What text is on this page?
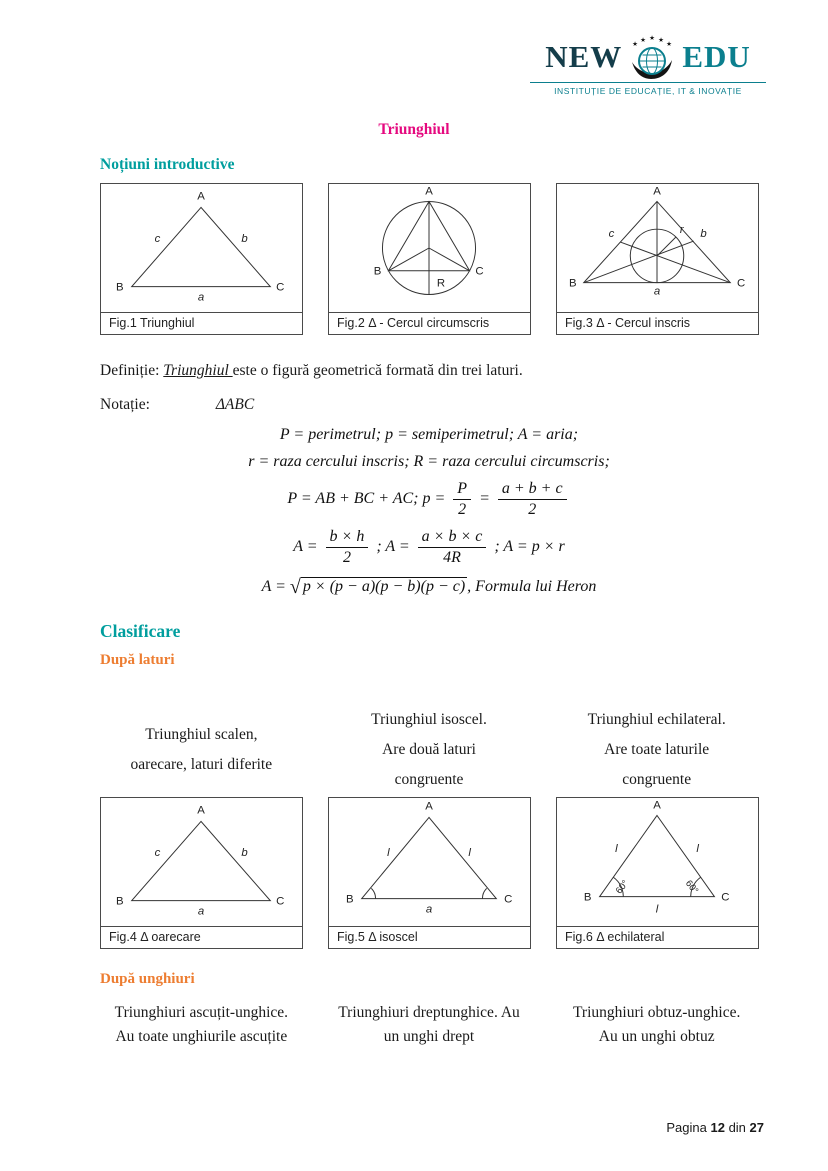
NEW ★
★ ★ ★
★ EDU
INSTITUȚIE DE EDUCAȚIE, IT & INOVAȚIE
Triunghiul
Noțiuni introductive
A
B	C
c	b
a
Fig.1 Triunghiul
A
B	C
R
Fig.2 Δ - Cercul circumscris
A
B	C
c	b
r
a
Fig.3 Δ - Cercul inscris
Definiție: Triunghiul este o figură geometrică formată din trei laturi.
Notație:	ΔABC
P = perimetrul; p = semiperimetrul; A = aria;
r = raza cercului inscris; R = raza cercului circumscris;
P = AB + BC + AC; $p = \frac{P}{2} = \frac{a + b + c}{2}$
$A = \frac{b \times h}{2}$ ; $A = \frac{a \times b \times c}{4R}$ ; A = p × r
A = √ p × (p − a)(p − b)(p − c) , Formula lui Heron
Clasificare
După laturi
Triunghiul scalen,
oarecare, laturi diferite
Triunghiul isoscel.
Are două laturi
congruente
Triunghiul echilateral.
Are toate laturile
congruente
A
B	C
c	b
a
Fig.4 Δ oarecare
A
B	C
l	l
a
Fig.5 Δ isoscel
A
B	C
l	l
l
60°	60°
Fig.6 Δ echilateral
După unghiuri
Triunghiuri ascuțit-unghice.
Au toate unghiurile ascuțite
Triunghiuri dreptunghice. Au
un unghi drept
Triunghiuri obtuz-unghice.
Au un unghi obtuz
Pagina 12 din 27
